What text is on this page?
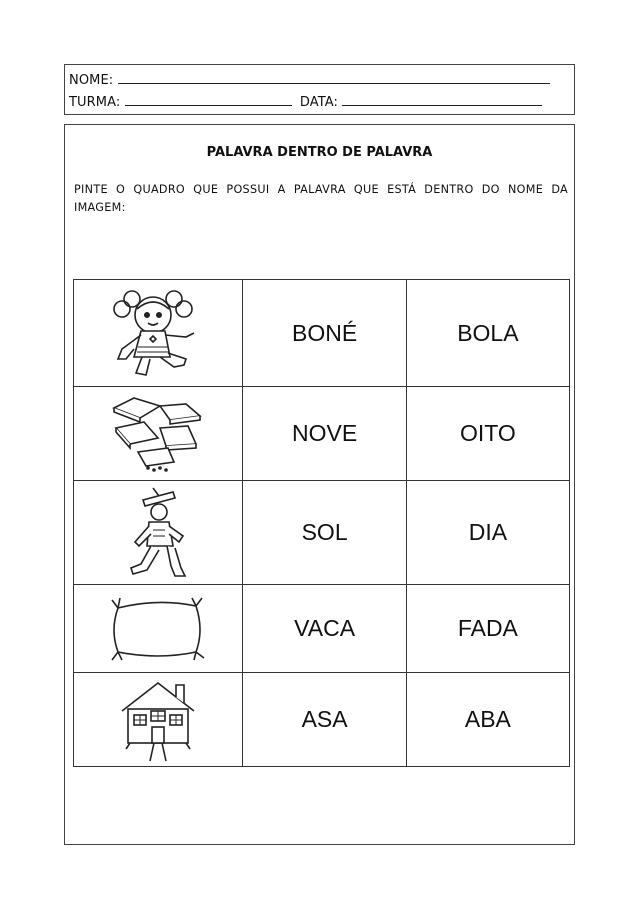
NOME:
TURMA:	DATA:
PALAVRA DENTRO DE PALAVRA
PINTE O QUADRO QUE POSSUI A PALAVRA QUE ESTÁ DENTRO DO NOME DA IMAGEM:
	BONÉ	BOLA

	NOVE	OITO

	SOL	DIA

	VACA	FADA

	ASA	ABA
